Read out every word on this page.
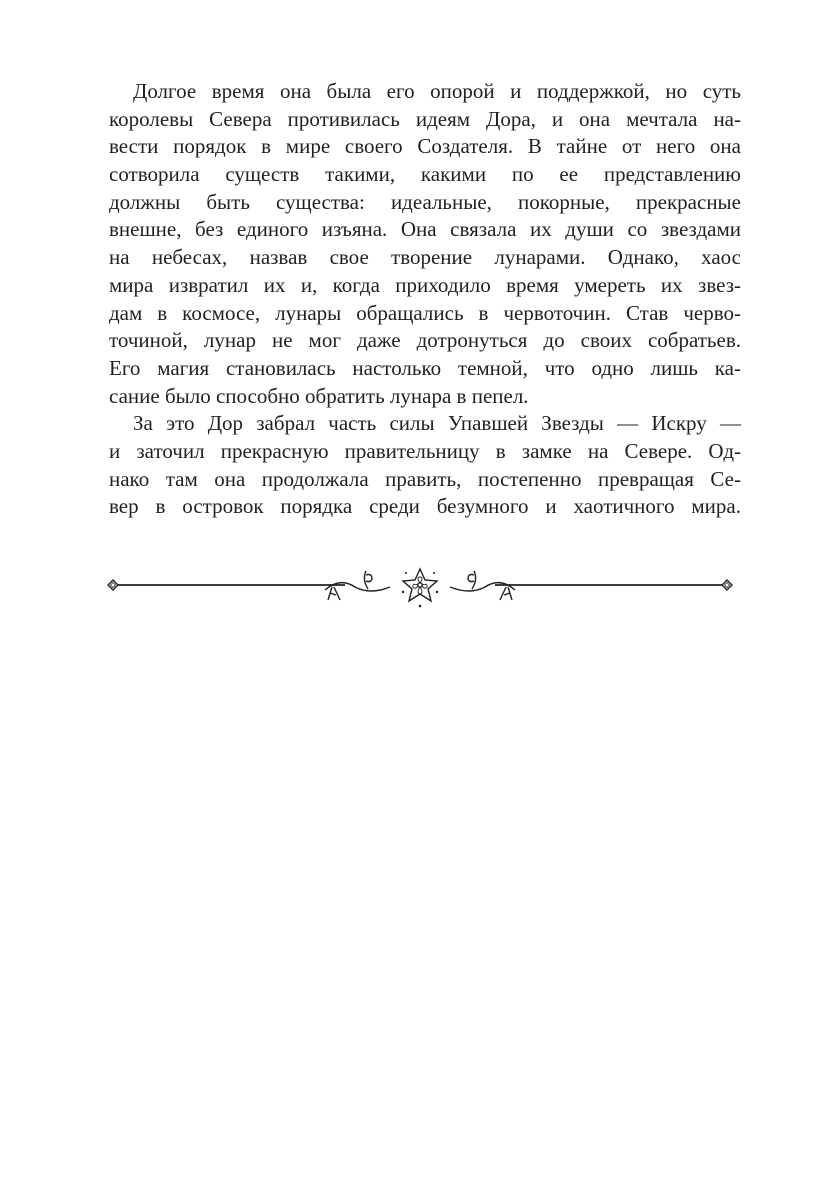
Долгое время она была его опорой и поддержкой, но суть
королевы Севера противилась идеям Дора, и она мечтала на-
вести порядок в мире своего Создателя. В тайне от него она
сотворила существ такими, какими по ее представлению
должны быть существа: идеальные, покорные, прекрасные
внешне, без единого изъяна. Она связала их души со звездами
на небесах, назвав свое творение лунарами. Однако, хаос
мира извратил их и, когда приходило время умереть их звез-
дам в космосе, лунары обращались в червоточин. Став черво-
точиной, лунар не мог даже дотронуться до своих собратьев.
Его магия становилась настолько темной, что одно лишь ка-
сание было способно обратить лунара в пепел.
За это Дор забрал часть силы Упавшей Звезды — Искру —
и заточил прекрасную правительницу в замке на Севере. Од-
нако там она продолжала править, постепенно превращая Се-
вер в островок порядка среди безумного и хаотичного мира.
